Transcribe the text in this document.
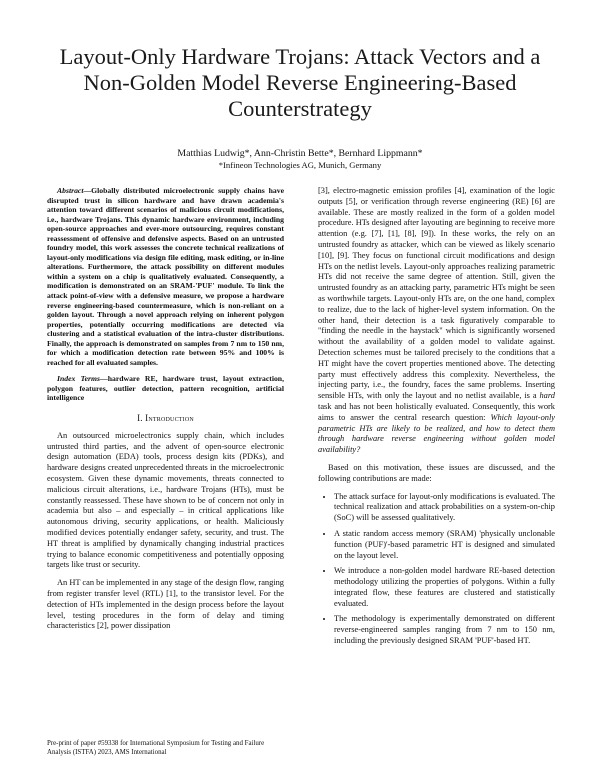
Layout-Only Hardware Trojans: Attack Vectors and a Non-Golden Model Reverse Engineering-Based Counterstrategy
Matthias Ludwig*, Ann-Christin Bette*, Bernhard Lippmann*
*Infineon Technologies AG, Munich, Germany

Abstract—Globally distributed microelectronic supply chains have disrupted trust in silicon hardware and have drawn academia's attention toward different scenarios of malicious circuit modifications, i.e., hardware Trojans. This dynamic hardware environment, including open-source approaches and ever-more outsourcing, requires constant reassessment of offensive and defensive aspects. Based on an untrusted foundry model, this work assesses the concrete technical realizations of layout-only modifications via design file editing, mask editing, or in-line alterations. Furthermore, the attack possibility on different modules within a system on a chip is qualitatively evaluated. Consequently, a modification is demonstrated on an SRAM-'PUF' module. To link the attack point-of-view with a defensive measure, we propose a hardware reverse engineering-based countermeasure, which is non-reliant on a golden layout. Through a novel approach relying on inherent polygon properties, potentially occurring modifications are detected via clustering and a statistical evaluation of the intra-cluster distributions. Finally, the approach is demonstrated on samples from 7 nm to 150 nm, for which a modification detection rate between 95% and 100% is reached for all evaluated samples.

Index Terms—hardware RE, hardware trust, layout extraction, polygon features, outlier detection, pattern recognition, artificial intelligence

I. Introduction

An outsourced microelectronics supply chain, which includes untrusted third parties, and the advent of open-source electronic design automation (EDA) tools, process design kits (PDKs), and hardware designs created unprecedented threats in the microelectronic ecosystem. Given these dynamic movements, threats connected to malicious circuit alterations, i.e., hardware Trojans (HTs), must be constantly reassessed. These have shown to be of concern not only in academia but also – and especially – in critical applications like autonomous driving, security applications, or health. Maliciously modified devices potentially endanger safety, security, and trust. The HT threat is amplified by dynamically changing industrial practices trying to balance economic competitiveness and potentially opposing targets like trust or security.

An HT can be implemented in any stage of the design flow, ranging from register transfer level (RTL) [1], to the transistor level. For the detection of HTs implemented in the design process before the layout level, testing procedures in the form of delay and timing characteristics [2], power dissipation

[3], electro-magnetic emission profiles [4], examination of the logic outputs [5], or verification through reverse engineering (RE) [6] are available. These are mostly realized in the form of a golden model procedure. HTs designed after layouting are beginning to receive more attention (e.g. [7], [1], [8], [9]). In these works, the rely on an untrusted foundry as attacker, which can be viewed as likely scenario [10], [9]. They focus on functional circuit modifications and design HTs on the netlist levels. Layout-only approaches realizing parametric HTs did not receive the same degree of attention. Still, given the untrusted foundry as an attacking party, parametric HTs might be seen as worthwhile targets. Layout-only HTs are, on the one hand, complex to realize, due to the lack of higher-level system information. On the other hand, their detection is a task figuratively comparable to "finding the needle in the haystack" which is significantly worsened without the availability of a golden model to validate against. Detection schemes must be tailored precisely to the conditions that a HT might have the covert properties mentioned above. The detecting party must effectively address this complexity. Nevertheless, the injecting party, i.e., the foundry, faces the same problems. Inserting sensible HTs, with only the layout and no netlist available, is a hard task and has not been holistically evaluated. Consequently, this work aims to answer the central research question: Which layout-only parametric HTs are likely to be realized, and how to detect them through hardware reverse engineering without golden model availability?

Based on this motivation, these issues are discussed, and the following contributions are made:

• The attack surface for layout-only modifications is evaluated. The technical realization and attack probabilities on a system-on-chip (SoC) will be assessed qualitatively.
• A static random access memory (SRAM) 'physically unclonable function (PUF)'-based parametric HT is designed and simulated on the layout level.
• We introduce a non-golden model hardware RE-based detection methodology utilizing the properties of polygons. Within a fully integrated flow, these features are clustered and statistically evaluated.
• The methodology is experimentally demonstrated on different reverse-engineered samples ranging from 7 nm to 150 nm, including the previously designed SRAM 'PUF'-based HT.
Pre-print of paper #59338 for International Symposium for Testing and Failure Analysis (ISTFA) 2023, AMS International
